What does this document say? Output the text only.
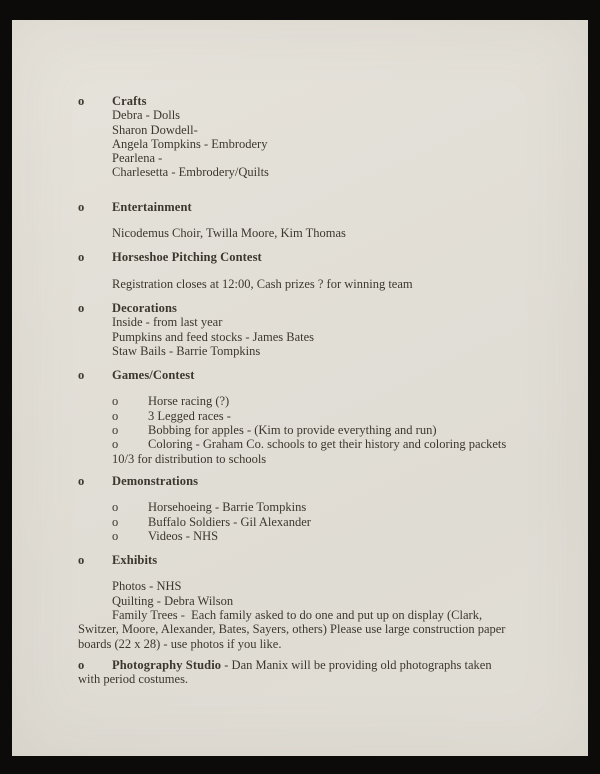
o	Crafts
Debra - Dolls
Sharon Dowdell-
Angela Tompkins - Embrodery
Pearlena -
Charlesetta - Embrodery/Quilts
o	Entertainment
Nicodemus Choir, Twilla Moore, Kim Thomas
o	Horseshoe Pitching Contest
Registration closes at 12:00, Cash prizes ? for winning team
o	Decorations
Inside - from last year
Pumpkins and feed stocks - James Bates
Staw Bails - Barrie Tompkins
o	Games/Contest
o	Horse racing (?)
o	3 Legged races -
o	Bobbing for apples - (Kim to provide everything and run)
o	Coloring - Graham Co. schools to get their history and coloring packets
10/3 for distribution to schools
o	Demonstrations
o	Horsehoeing - Barrie Tompkins
o	Buffalo Soldiers - Gil Alexander
o	Videos - NHS
o	Exhibits
Photos - NHS
Quilting - Debra Wilson
Family Trees -  Each family asked to do one and put up on display (Clark,
Switzer, Moore, Alexander, Bates, Sayers, others) Please use large construction paper
boards (22 x 28) - use photos if you like.
o	Photography Studio - Dan Manix will be providing old photographs taken
with period costumes.
